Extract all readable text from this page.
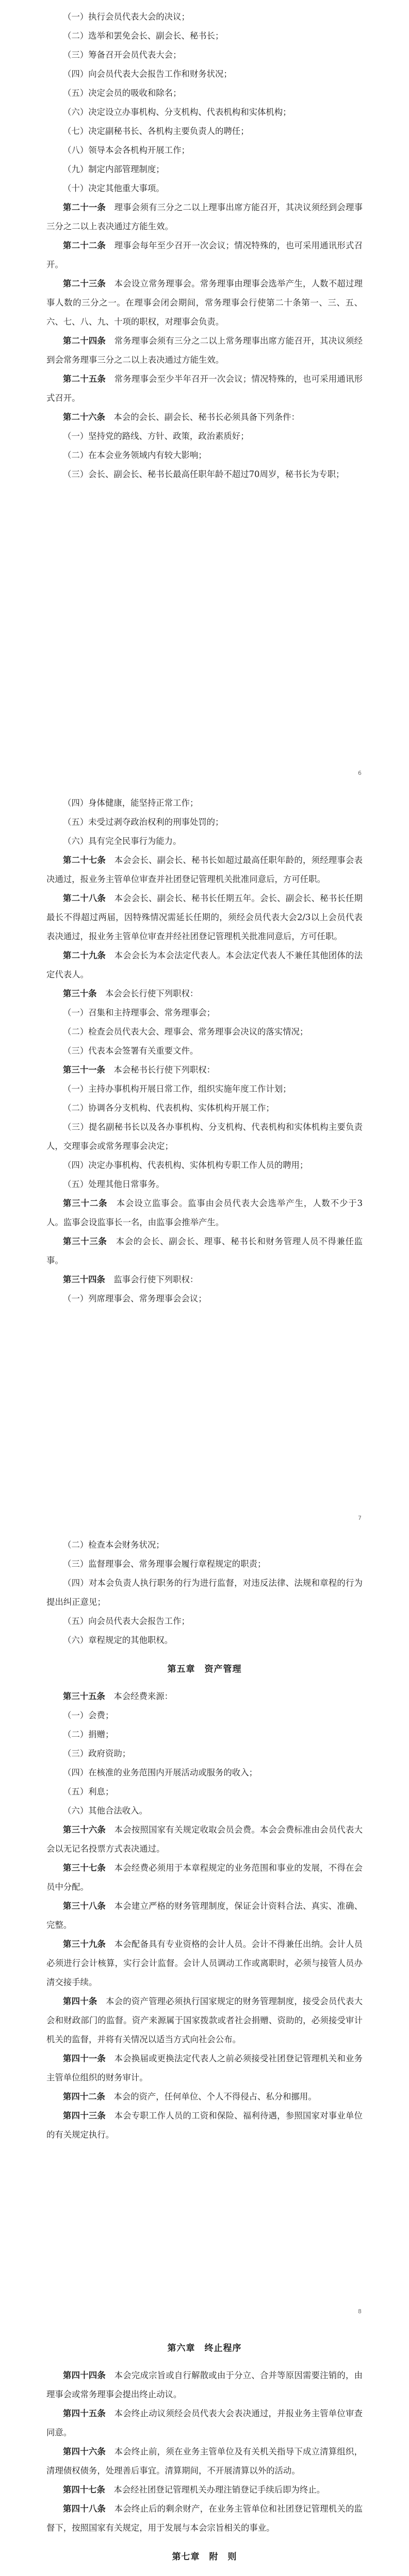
（一）执行会员代表大会的决议；

（二）选举和罢免会长、副会长、秘书长；

（三）筹备召开会员代表大会；

（四）向会员代表大会报告工作和财务状况；

（五）决定会员的吸收和除名；

（六）决定设立办事机构、分支机构、代表机构和实体机构；

（七）决定副秘书长、各机构主要负责人的聘任；

（八）领导本会各机构开展工作；

（九）制定内部管理制度；

（十）决定其他重大事项。

第二十一条　 理事会须有三分之二以上理事出席方能召开，其决议须经到会理事三分之二以上表决通过方能生效。

第二十二条　 理事会每年至少召开一次会议；情况特殊的，也可采用通讯形式召开。

第二十三条　 本会设立常务理事会。常务理事由理事会选举产生，人数不超过理事人数的三分之一。在理事会闭会期间，常务理事会行使第二十条第一、三、五、六、七、八、九、十项的职权，对理事会负责。

第二十四条　 常务理事会须有三分之二以上常务理事出席方能召开，其决议须经到会常务理事三分之二以上表决通过方能生效。

第二十五条　 常务理事会至少半年召开一次会议；情况特殊的，也可采用通讯形式召开。

第二十六条　 本会的会长、副会长、秘书长必须具备下列条件：

（一）坚持党的路线、方针、政策，政治素质好；

（二）在本会业务领域内有较大影响；

（三）会长、副会长、秘书长最高任职年龄不超过70周岁，秘书长为专职；

6

（四）身体健康，能坚持正常工作；

（五）未受过剥夺政治权利的刑事处罚的；

（六）具有完全民事行为能力。

第二十七条　 本会会长、副会长、秘书长如超过最高任职年龄的，须经理事会表决通过，报业务主管单位审查并社团登记管理机关批准同意后，方可任职。

第二十八条　 本会会长、副会长、秘书长任期五年。会长、副会长、秘书长任期最长不得超过两届，因特殊情况需延长任期的，须经会员代表大会2/3以上会员代表表决通过，报业务主管单位审查并经社团登记管理机关批准同意后，方可任职。

第二十九条　 本会会长为本会法定代表人。本会法定代表人不兼任其他团体的法定代表人。

第三十条　 本会会长行使下列职权：

（一）召集和主持理事会、常务理事会；

（二）检查会员代表大会、理事会、常务理事会决议的落实情况；

（三）代表本会签署有关重要文件。

第三十一条　 本会秘书长行使下列职权：

（一）主持办事机构开展日常工作，组织实施年度工作计划；

（二）协调各分支机构、代表机构、实体机构开展工作；

（三）提名副秘书长以及各办事机构、分支机构、代表机构和实体机构主要负责人，交理事会或常务理事会决定；

（四）决定办事机构、代表机构、实体机构专职工作人员的聘用；

（五）处理其他日常事务。

第三十二条　 本会设立监事会。监事由会员代表大会选举产生，人数不少于3人。监事会设监事长一名，由监事会推举产生。

第三十三条　 本会的会长、副会长、理事、秘书长和财务管理人员不得兼任监事。

第三十四条　 监事会行使下列职权：

（一）列席理事会、常务理事会会议；

7

（二）检查本会财务状况；

（三）监督理事会、常务理事会履行章程规定的职责；

（四）对本会负责人执行职务的行为进行监督，对违反法律、法规和章程的行为提出纠正意见；

（五）向会员代表大会报告工作；

（六）章程规定的其他职权。

第五章　资产管理

第三十五条　 本会经费来源：

（一）会费；

（二）捐赠；

（三）政府资助；

（四）在核准的业务范围内开展活动或服务的收入；

（五）利息；

（六）其他合法收入。

第三十六条　 本会按照国家有关规定收取会员会费。本会会费标准由会员代表大会以无记名投票方式表决通过。

第三十七条　 本会经费必须用于本章程规定的业务范围和事业的发展，不得在会员中分配。

第三十八条　 本会建立严格的财务管理制度，保证会计资料合法、真实、准确、完整。

第三十九条　 本会配备具有专业资格的会计人员。会计不得兼任出纳。会计人员必须进行会计核算，实行会计监督。会计人员调动工作或离职时，必须与接管人员办清交接手续。

第四十条　 本会的资产管理必须执行国家规定的财务管理制度，接受会员代表大会和财政部门的监督。资产来源属于国家拨款或者社会捐赠、资助的，必须接受审计机关的监督，并将有关情况以适当方式向社会公布。

第四十一条　 本会换届或更换法定代表人之前必须接受社团登记管理机关和业务主管单位组织的财务审计。

第四十二条　 本会的资产，任何单位、个人不得侵占、私分和挪用。

第四十三条　 本会专职工作人员的工资和保险、福利待遇，参照国家对事业单位的有关规定执行。

8

第六章　终止程序

第四十四条　 本会完成宗旨或自行解散或由于分立、合并等原因需要注销的，由理事会或常务理事会提出终止动议。

第四十五条　 本会终止动议须经会员代表大会表决通过，并报业务主管单位审查同意。

第四十六条　 本会终止前，须在业务主管单位及有关机关指导下成立清算组织，清理债权债务，处理善后事宜。清算期间，不开展清算以外的活动。

第四十七条　 本会经社团登记管理机关办理注销登记手续后即为终止。

第四十八条　 本会终止后的剩余财产，在业务主管单位和社团登记管理机关的监督下，按照国家有关规定，用于发展与本会宗旨相关的事业。

第七章　附　则
